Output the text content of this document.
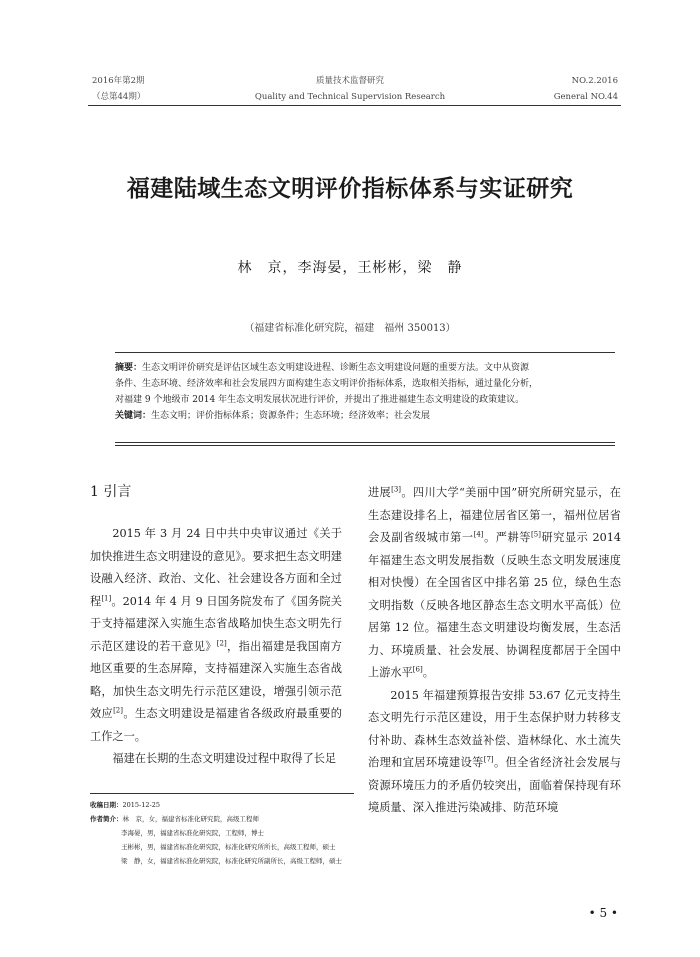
2016年第2期
（总第44期）
质量技术监督研究
Quality and Technical Supervision Research
NO.2.2016
General NO.44
福建陆域生态文明评价指标体系与实证研究
林　京，李海晏，王彬彬，梁　静
（福建省标准化研究院，福建　福州 350013）
摘要：生态文明评价研究是评估区域生态文明建设进程、诊断生态文明建设问题的重要方法。文中从资源
条件、生态环境、经济效率和社会发展四方面构建生态文明评价指标体系，选取相关指标，通过量化分析，
对福建 9 个地级市 2014 年生态文明发展状况进行评价，并提出了推进福建生态文明建设的政策建议。
关键词：生态文明；评价指标体系；资源条件；生态环境；经济效率；社会发展
1 引言

2015 年 3 月 24 日中共中央审议通过《关于加快推进生态文明建设的意见》。要求把生态文明建设融入经济、政治、文化、社会建设各方面和全过程[1]。2014 年 4 月 9 日国务院发布了《国务院关于支持福建深入实施生态省战略加快生态文明先行示范区建设的若干意见》[2]，指出福建是我国南方地区重要的生态屏障，支持福建深入实施生态省战略，加快生态文明先行示范区建设，增强引领示范效应[2]。生态文明建设是福建省各级政府最重要的工作之一。

福建在长期的生态文明建设过程中取得了长足

进展[3]。四川大学“美丽中国”研究所研究显示，在生态建设排名上，福建位居省区第一，福州位居省会及副省级城市第一[4]。严耕等[5]研究显示 2014 年福建生态文明发展指数（反映生态文明发展速度相对快慢）在全国省区中排名第 25 位，绿色生态文明指数（反映各地区静态生态文明水平高低）位居第 12 位。福建生态文明建设均衡发展，生态活力、环境质量、社会发展、协调程度都居于全国中上游水平[6]。

2015 年福建预算报告安排 53.67 亿元支持生态文明先行示范区建设，用于生态保护财力转移支付补助、森林生态效益补偿、造林绿化、水土流失治理和宜居环境建设等[7]。但全省经济社会发展与资源环境压力的矛盾仍较突出，面临着保持现有环境质量、深入推进污染减排、防范环境

收稿日期：2015-12-25
作者简介：林　京，女，福建省标准化研究院，高级工程师
李海晏，男，福建省标准化研究院，工程师，博士
王彬彬，男，福建省标准化研究院，标准化研究所所长，高级工程师，硕士
梁　静，女，福建省标准化研究院，标准化研究所副所长，高级工程师，硕士
• 5 •
